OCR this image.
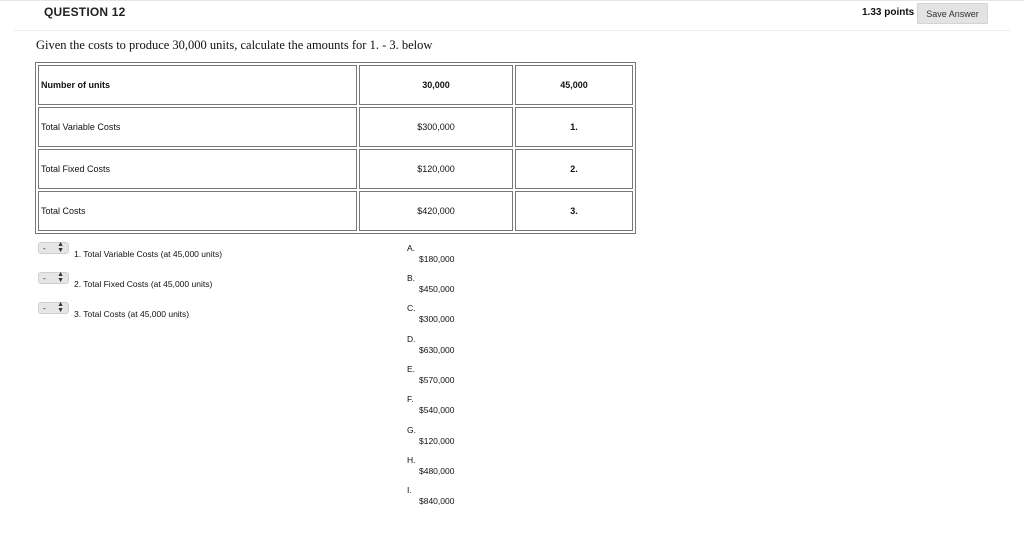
QUESTION 12	1.33 points	Save Answer
Given the costs to produce 30,000 units, calculate the amounts for 1. - 3. below
Number of units	30,000	45,000
Total Variable Costs	$300,000	1.
Total Fixed Costs	$120,000	2.
Total Costs	$420,000	3.
- ▲
▼ 1. Total Variable Costs (at 45,000 units)
- ▲
▼ 2. Total Fixed Costs (at 45,000 units)
- ▲
▼ 3. Total Costs (at 45,000 units)
A.
$180,000
B.
$450,000
C.
$300,000
D.
$630,000
E.
$570,000
F.
$540,000
G.
$120,000
H.
$480,000
I.
$840,000
